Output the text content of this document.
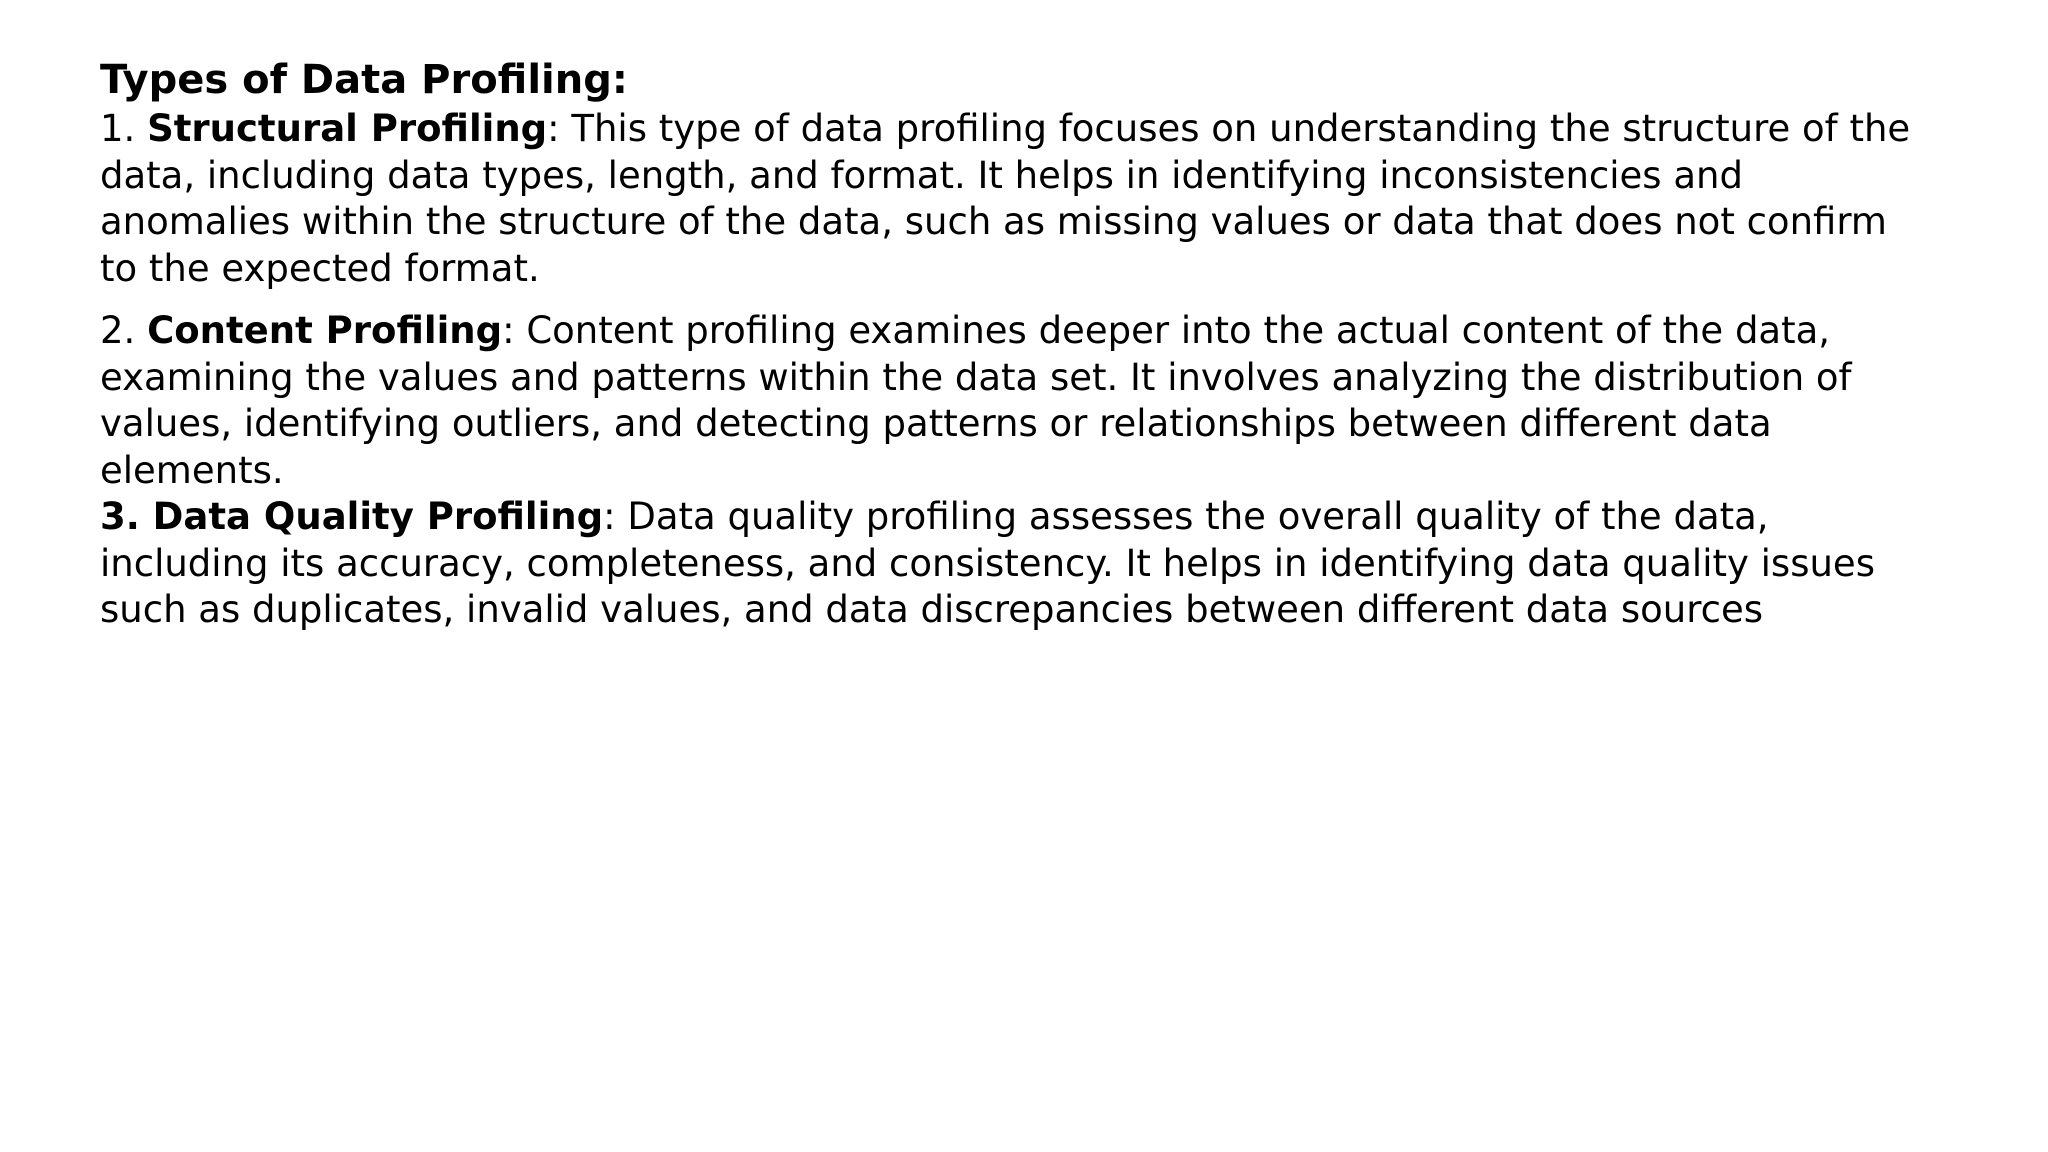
Types of Data Profiling:

1. Structural Profiling: This type of data profiling focuses on understanding the structure of the data, including data types, length, and format. It helps in identifying inconsistencies and anomalies within the structure of the data, such as missing values or data that does not confirm to the expected format.

2. Content Profiling: Content profiling examines deeper into the actual content of the data, examining the values and patterns within the data set. It involves analyzing the distribution of values, identifying outliers, and detecting patterns or relationships between different data elements.

3. Data Quality Profiling: Data quality profiling assesses the overall quality of the data, including its accuracy, completeness, and consistency. It helps in identifying data quality issues such as duplicates, invalid values, and data discrepancies between different data sources
